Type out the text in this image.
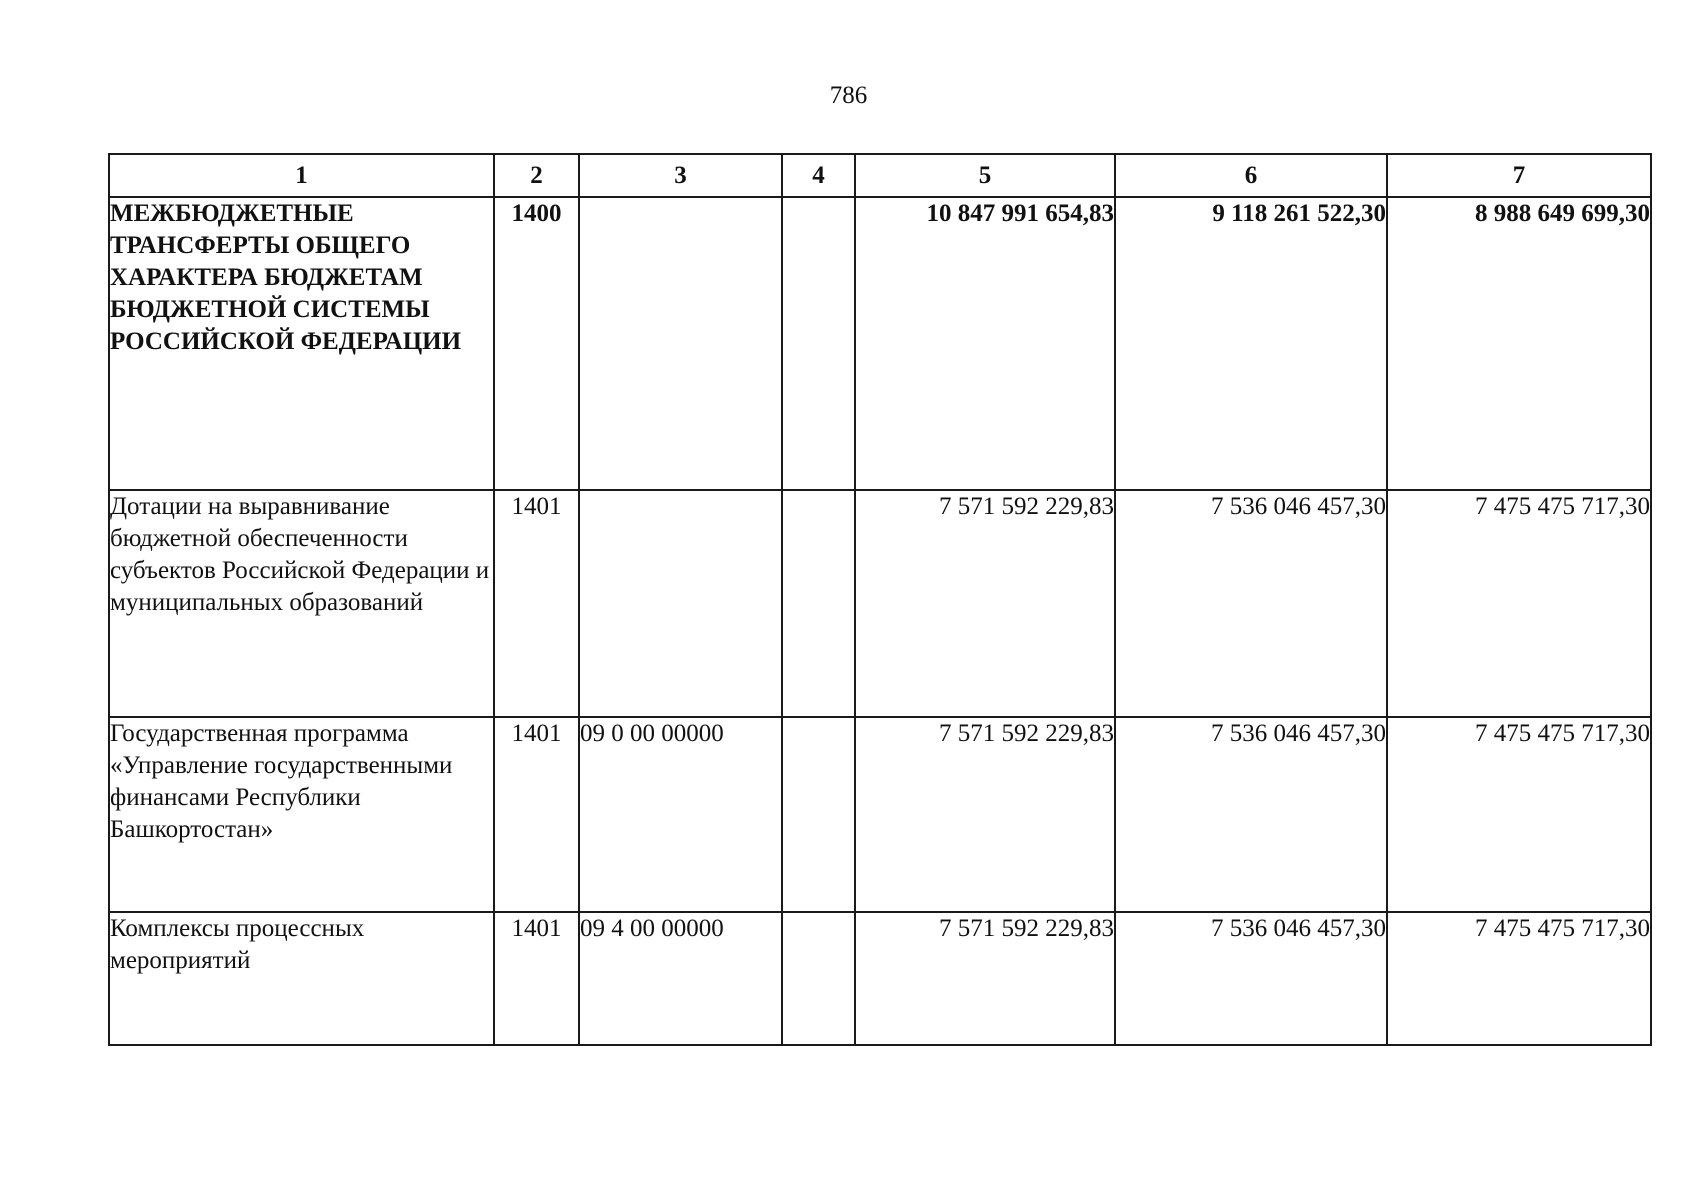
786
1	2	3	4	5	6	7
МЕЖБЮДЖЕТНЫЕ ТРАНСФЕРТЫ ОБЩЕГО ХАРАКТЕРА БЮДЖЕТАМ БЮДЖЕТНОЙ СИСТЕМЫ РОССИЙСКОЙ ФЕДЕРАЦИИ	1400			10 847 991 654,83	9 118 261 522,30	8 988 649 699,30
Дотации на выравнивание бюджетной обеспеченности субъектов Российской Федерации и муниципальных образований	1401			7 571 592 229,83	7 536 046 457,30	7 475 475 717,30
Государственная программа «Управление государственными финансами Республики Башкортостан»	1401	09 0 00 00000		7 571 592 229,83	7 536 046 457,30	7 475 475 717,30
Комплексы процессных мероприятий	1401	09 4 00 00000		7 571 592 229,83	7 536 046 457,30	7 475 475 717,30
